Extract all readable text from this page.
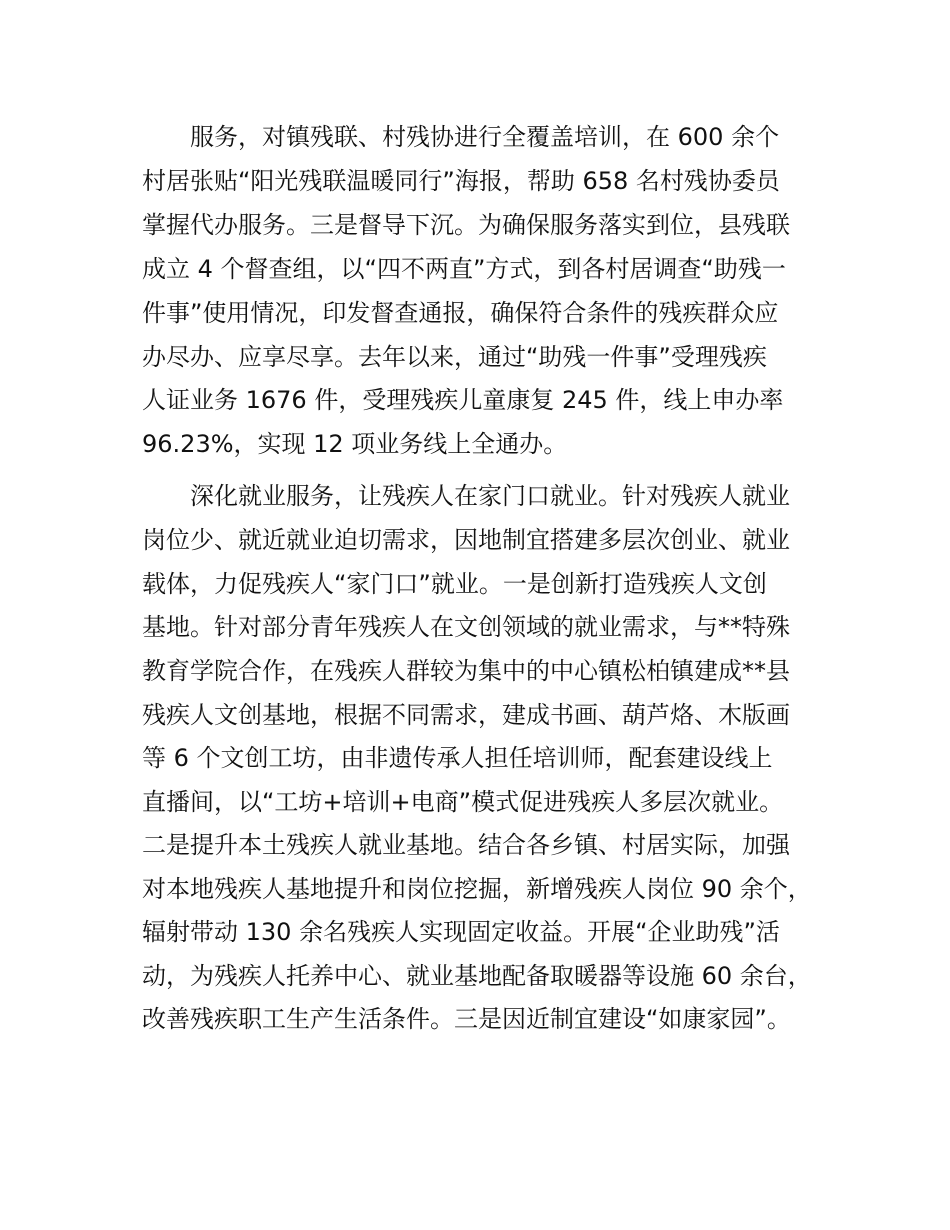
服务，对镇残联、村残协进行全覆盖培训，在 600 余个
村居张贴“阳光残联温暖同行”海报，帮助 658 名村残协委员
掌握代办服务。三是督导下沉。为确保服务落实到位，县残联
成立 4 个督查组，以“四不两直”方式，到各村居调查“助残一
件事”使用情况，印发督查通报，确保符合条件的残疾群众应
办尽办、应享尽享。去年以来，通过“助残一件事”受理残疾
人证业务 1676 件，受理残疾儿童康复 245 件，线上申办率
96.23%，实现 12 项业务线上全通办。
深化就业服务，让残疾人在家门口就业。针对残疾人就业
岗位少、就近就业迫切需求，因地制宜搭建多层次创业、就业
载体，力促残疾人“家门口”就业。一是创新打造残疾人文创
基地。针对部分青年残疾人在文创领域的就业需求，与**特殊
教育学院合作，在残疾人群较为集中的中心镇松柏镇建成**县
残疾人文创基地，根据不同需求，建成书画、葫芦烙、木版画
等 6 个文创工坊，由非遗传承人担任培训师，配套建设线上
直播间，以“工坊+培训+电商”模式促进残疾人多层次就业。
二是提升本土残疾人就业基地。结合各乡镇、村居实际，加强
对本地残疾人基地提升和岗位挖掘，新增残疾人岗位 90 余个，
辐射带动 130 余名残疾人实现固定收益。开展“企业助残”活
动，为残疾人托养中心、就业基地配备取暖器等设施 60 余台，
改善残疾职工生产生活条件。三是因近制宜建设“如康家园”。
